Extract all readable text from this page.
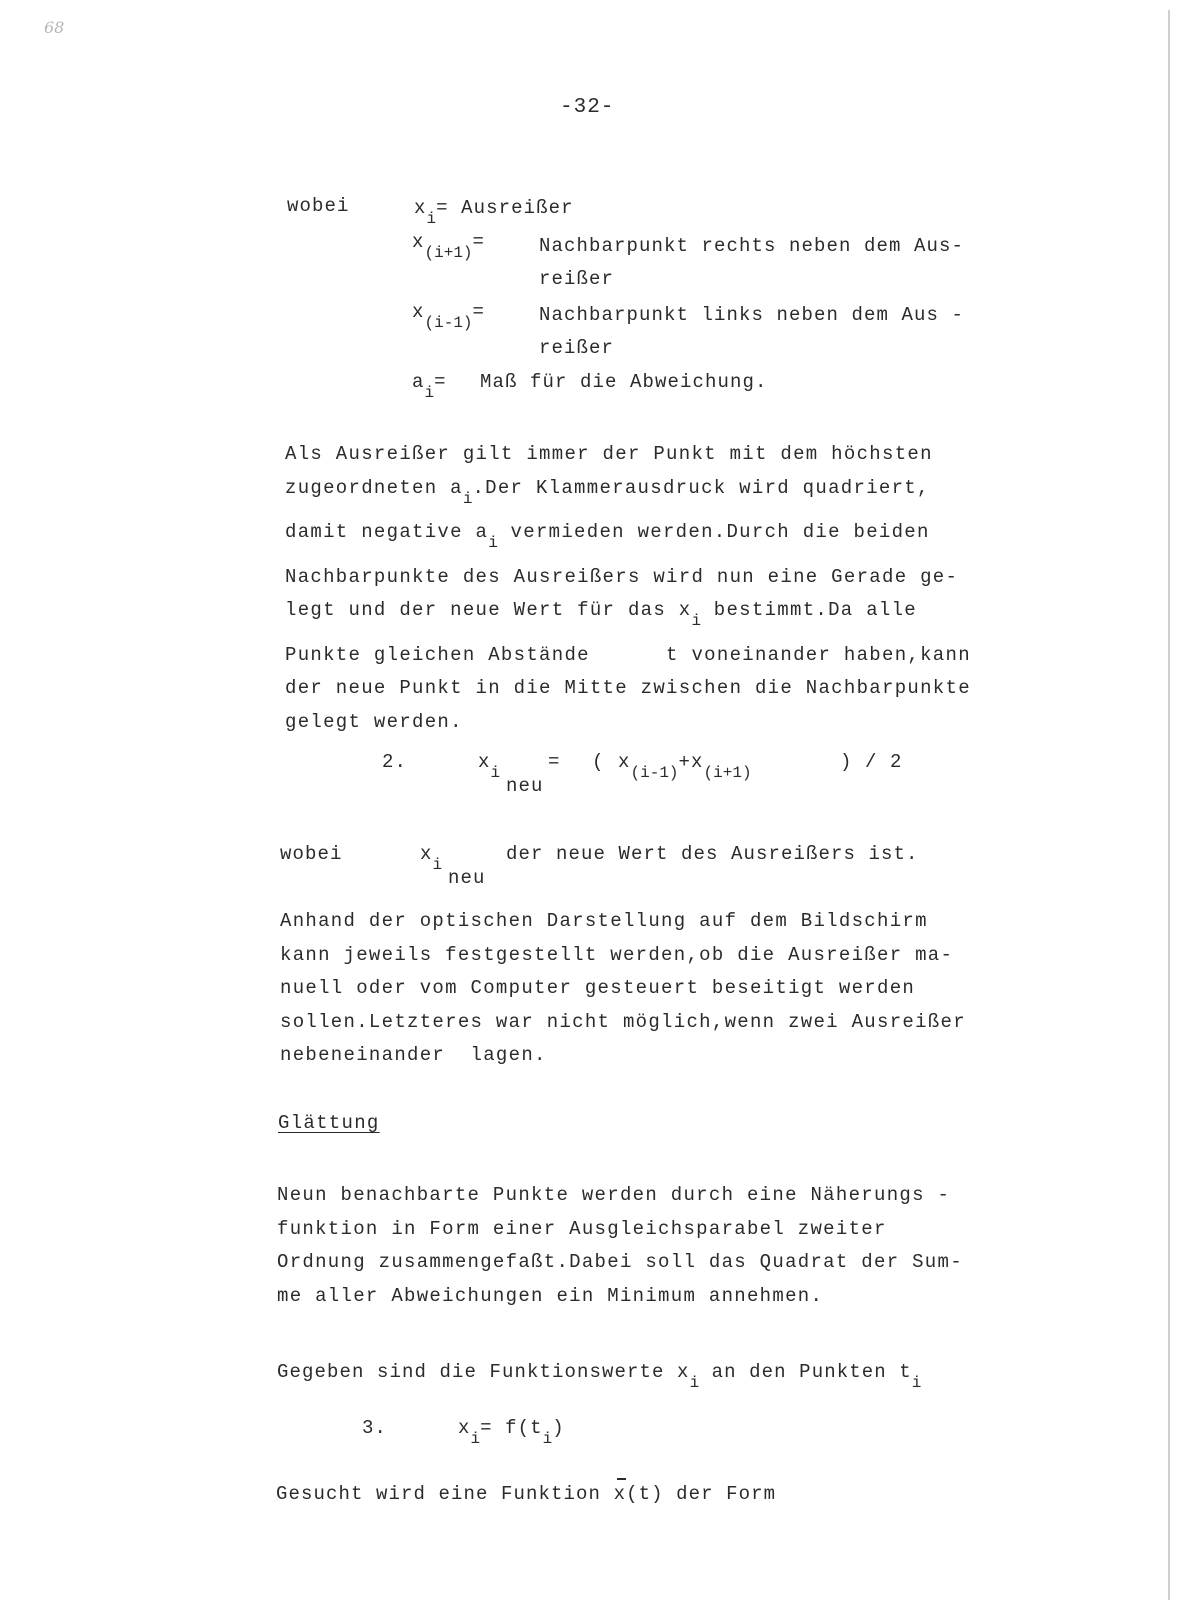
68
-32-
wobei	$x_i=$ Ausreißer
$x_{(i+1)}=$	Nachbarpunkt rechts neben dem Aus-
reißer
$x_{(i-1)}=$	Nachbarpunkt links neben dem Aus -
reißer
$a_i=$ Maß für die Abweichung.
Als Ausreißer gilt immer der Punkt mit dem höchsten
zugeordneten $a_i.Der$ Klammerausdruck wird quadriert,
damit negative $a_i$ vermieden werden.Durch die beiden
Nachbarpunkte des Ausreißers wird nun eine Gerade ge-
legt und der neue Wert für das $x_i$ bestimmt.Da alle
Punkte gleichen Abstände      t voneinander haben,kann
der neue Punkt in die Mitte zwischen die Nachbarpunkte
gelegt werden.
2.	$x_i$
neu
= ( $x_{(i-1)}+x_{(i+1)}$	) / 2
wobei	$x_i$
neu
der neue Wert des Ausreißers ist.
Anhand der optischen Darstellung auf dem Bildschirm
kann jeweils festgestellt werden,ob die Ausreißer ma-
nuell oder vom Computer gesteuert beseitigt werden
sollen.Letzteres war nicht möglich,wenn zwei Ausreißer
nebeneinander  lagen.
Glättung
Neun benachbarte Punkte werden durch eine Näherungs -
funktion in Form einer Ausgleichsparabel zweiter
Ordnung zusammengefaßt.Dabei soll das Quadrat der Sum-
me aller Abweichungen ein Minimum annehmen.
Gegeben sind die Funktionswerte $x_i$ an den Punkten $t_i$
3.	$x_i= f(t_i)$
Gesucht wird eine Funktion x(t) der Form
